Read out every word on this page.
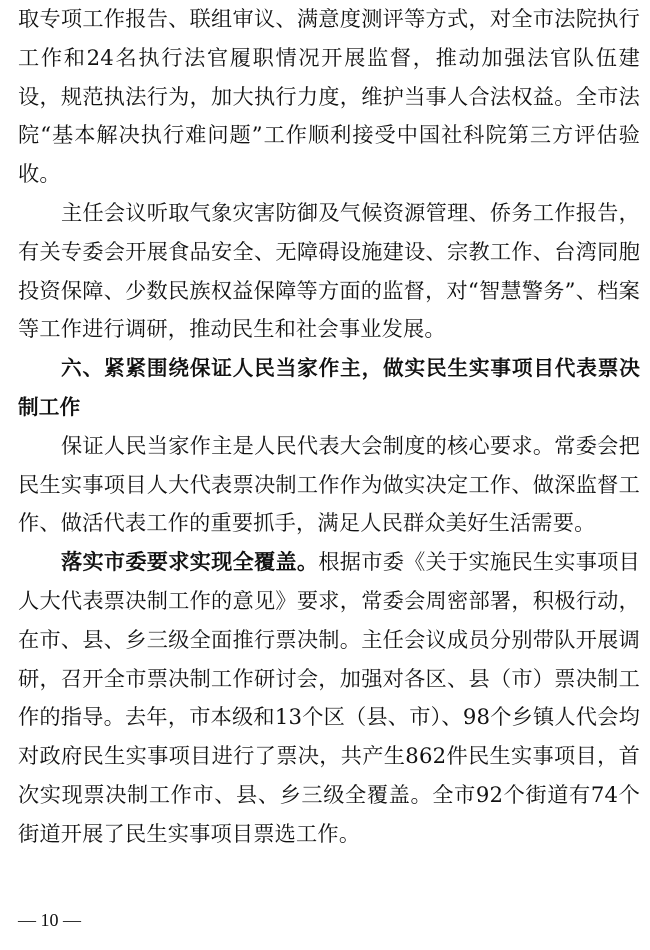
取专项工作报告、联组审议、满意度测评等方式，对全市法院执行工作和24名执行法官履职情况开展监督，推动加强法官队伍建设，规范执法行为，加大执行力度，维护当事人合法权益。全市法院“基本解决执行难问题”工作顺利接受中国社科院第三方评估验收。

主任会议听取气象灾害防御及气候资源管理、侨务工作报告，有关专委会开展食品安全、无障碍设施建设、宗教工作、台湾同胞投资保障、少数民族权益保障等方面的监督，对“智慧警务”、档案等工作进行调研，推动民生和社会事业发展。

六、紧紧围绕保证人民当家作主，做实民生实事项目代表票决制工作

保证人民当家作主是人民代表大会制度的核心要求。常委会把民生实事项目人大代表票决制工作作为做实决定工作、做深监督工作、做活代表工作的重要抓手，满足人民群众美好生活需要。

落实市委要求实现全覆盖。根据市委《关于实施民生实事项目人大代表票决制工作的意见》要求，常委会周密部署，积极行动，在市、县、乡三级全面推行票决制。主任会议成员分别带队开展调研，召开全市票决制工作研讨会，加强对各区、县（市）票决制工作的指导。去年，市本级和13个区（县、市）、98个乡镇人代会均对政府民生实事项目进行了票决，共产生862件民生实事项目，首次实现票决制工作市、县、乡三级全覆盖。全市92个街道有74个街道开展了民生实事项目票选工作。

— 10 —
